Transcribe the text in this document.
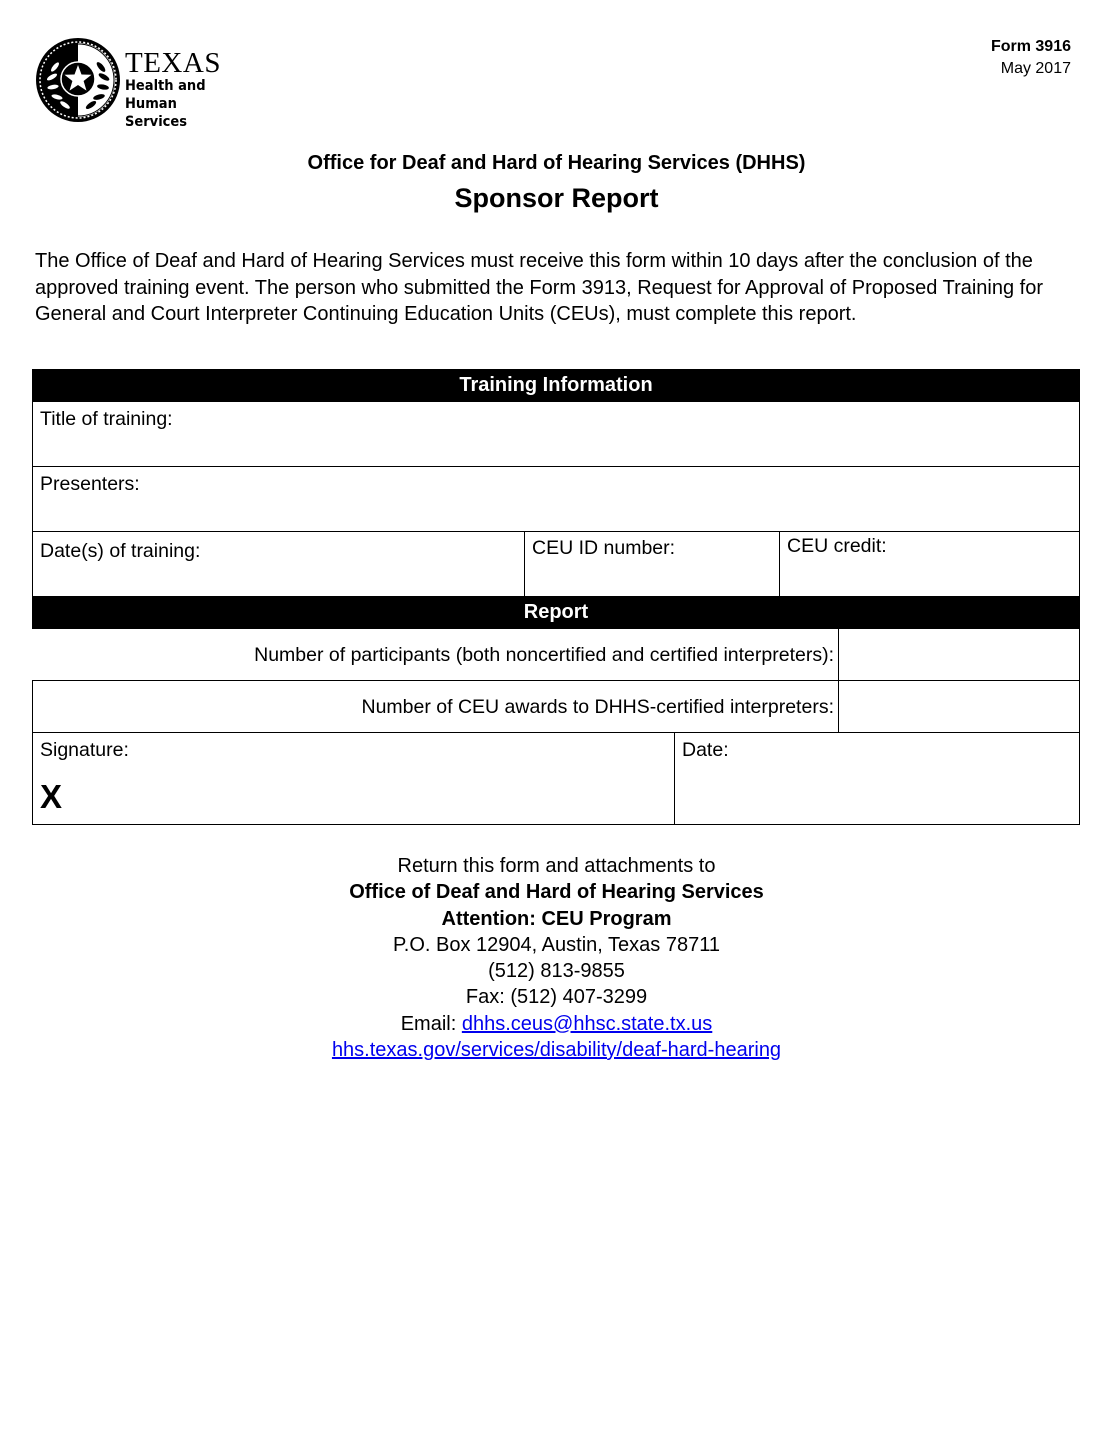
TEXAS
Health and Human
Services
Form 3916
May 2017
Office for Deaf and Hard of Hearing Services (DHHS)
Sponsor Report
The Office of Deaf and Hard of Hearing Services must receive this form within 10 days after the conclusion of the approved training event. The person who submitted the Form 3913, Request for Approval of Proposed Training for General and Court Interpreter Continuing Education Units (CEUs), must complete this report.
Training Information
Title of training:
Presenters:
Date(s) of training:	CEU ID number:	CEU credit:
Report
Number of participants (both noncertified and certified interpreters):
Number of CEU awards to DHHS-certified interpreters:
Signature:
X
Date:
Return this form and attachments to
Office of Deaf and Hard of Hearing Services
Attention: CEU Program
P.O. Box 12904, Austin, Texas 78711
(512) 813-9855
Fax: (512) 407-3299
Email: dhhs.ceus@hhsc.state.tx.us
hhs.texas.gov/services/disability/deaf-hard-hearing
